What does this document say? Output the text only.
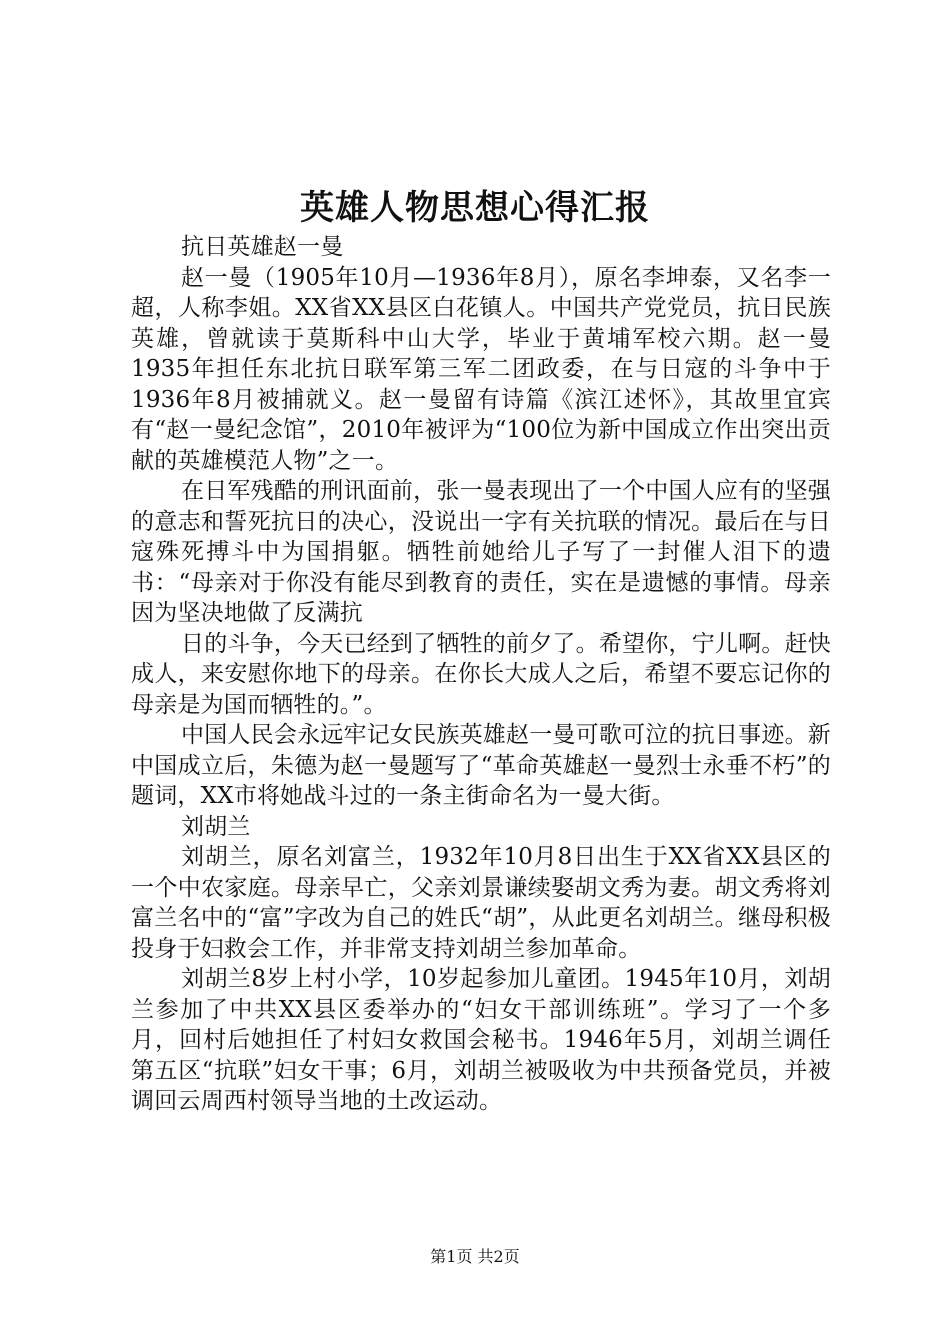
英雄人物思想心得汇报

抗日英雄赵一曼

赵一曼（1905年10月—1936年8月），原名李坤泰，又名李一超，人称李姐。XX省XX县区白花镇人。中国共产党党员，抗日民族英雄，曾就读于莫斯科中山大学，毕业于黄埔军校六期。赵一曼1935年担任东北抗日联军第三军二团政委，在与日寇的斗争中于1936年8月被捕就义。赵一曼留有诗篇《滨江述怀》，其故里宜宾有“赵一曼纪念馆”，2010年被评为“100位为新中国成立作出突出贡献的英雄模范人物”之一。

在日军残酷的刑讯面前，张一曼表现出了一个中国人应有的坚强的意志和誓死抗日的决心，没说出一字有关抗联的情况。最后在与日寇殊死搏斗中为国捐躯。牺牲前她给儿子写了一封催人泪下的遗书：“母亲对于你没有能尽到教育的责任，实在是遗憾的事情。母亲因为坚决地做了反满抗

日的斗争，今天已经到了牺牲的前夕了。希望你，宁儿啊。赶快成人，来安慰你地下的母亲。在你长大成人之后，希望不要忘记你的母亲是为国而牺牲的。”。

中国人民会永远牢记女民族英雄赵一曼可歌可泣的抗日事迹。新中国成立后，朱德为赵一曼题写了“革命英雄赵一曼烈士永垂不朽”的题词，XX市将她战斗过的一条主街命名为一曼大街。

刘胡兰

刘胡兰，原名刘富兰，1932年10月8日出生于XX省XX县区的一个中农家庭。母亲早亡，父亲刘景谦续娶胡文秀为妻。胡文秀将刘富兰名中的“富”字改为自己的姓氏“胡”，从此更名刘胡兰。继母积极投身于妇救会工作，并非常支持刘胡兰参加革命。

刘胡兰8岁上村小学，10岁起参加儿童团。1945年10月，刘胡兰参加了中共XX县区委举办的“妇女干部训练班”。学习了一个多月，回村后她担任了村妇女救国会秘书。1946年5月，刘胡兰调任第五区“抗联”妇女干事；6月，刘胡兰被吸收为中共预备党员，并被调回云周西村领导当地的土改运动。

第1页 共2页
